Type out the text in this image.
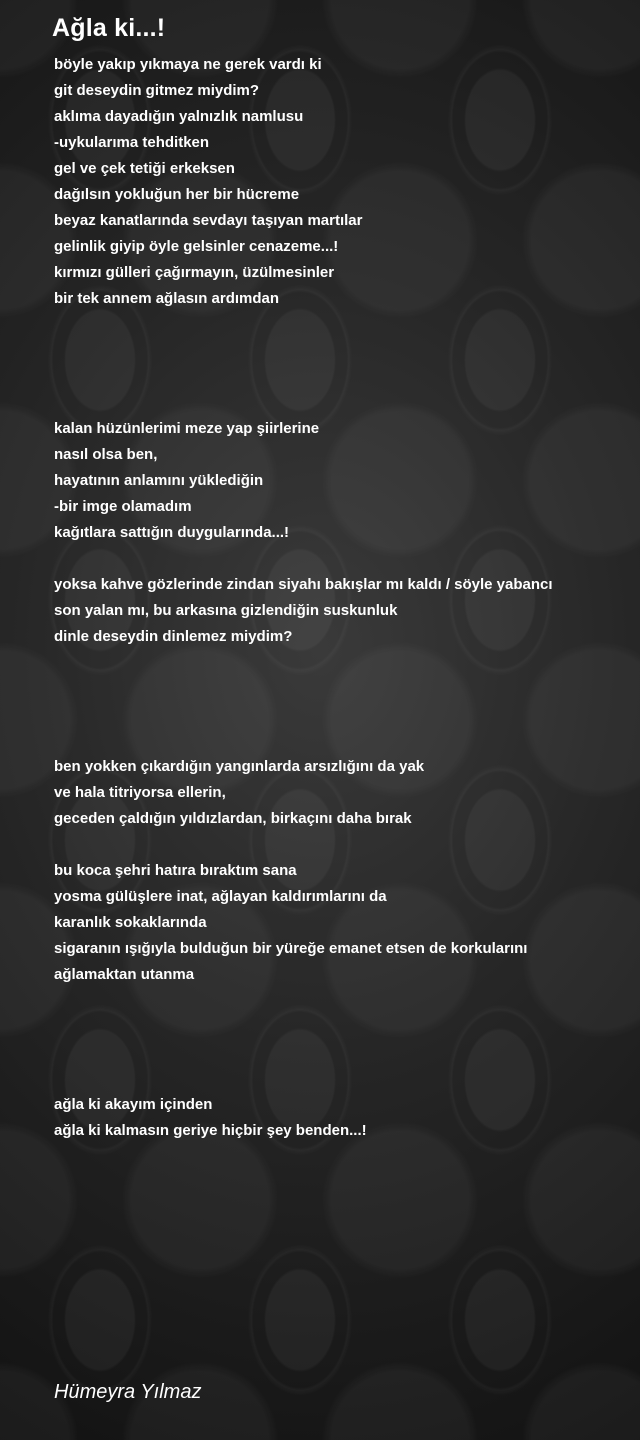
Ağla ki...!
böyle yakıp yıkmaya ne gerek vardı ki
git deseydin gitmez miydim?
aklıma dayadığın yalnızlık namlusu
-uykularıma tehditken
gel ve çek tetiği erkeksen
dağılsın yokluğun her bir hücreme
beyaz kanatlarında sevdayı taşıyan martılar
gelinlik giyip öyle gelsinler cenazeme...!
kırmızı gülleri çağırmayın, üzülmesinler
bir tek annem ağlasın ardımdan
kalan hüzünlerimi meze yap şiirlerine
nasıl olsa ben,
hayatının anlamını yüklediğin
-bir imge olamadım
kağıtlara sattığın duygularında...!
yoksa kahve gözlerinde zindan siyahı bakışlar mı kaldı / söyle yabancı
son yalan mı, bu arkasına gizlendiğin suskunluk
dinle deseydin dinlemez miydim?
ben yokken çıkardığın yangınlarda arsızlığını da yak
ve hala titriyorsa ellerin,
geceden çaldığın yıldızlardan, birkaçını daha bırak
bu koca şehri hatıra bıraktım sana
yosma gülüşlere inat, ağlayan kaldırımlarını da
karanlık sokaklarında
sigaranın ışığıyla bulduğun bir yüreğe emanet etsen de korkularını
ağlamaktan utanma
ağla ki akayım içinden
ağla ki kalmasın geriye hiçbir şey benden...!
Hümeyra Yılmaz
